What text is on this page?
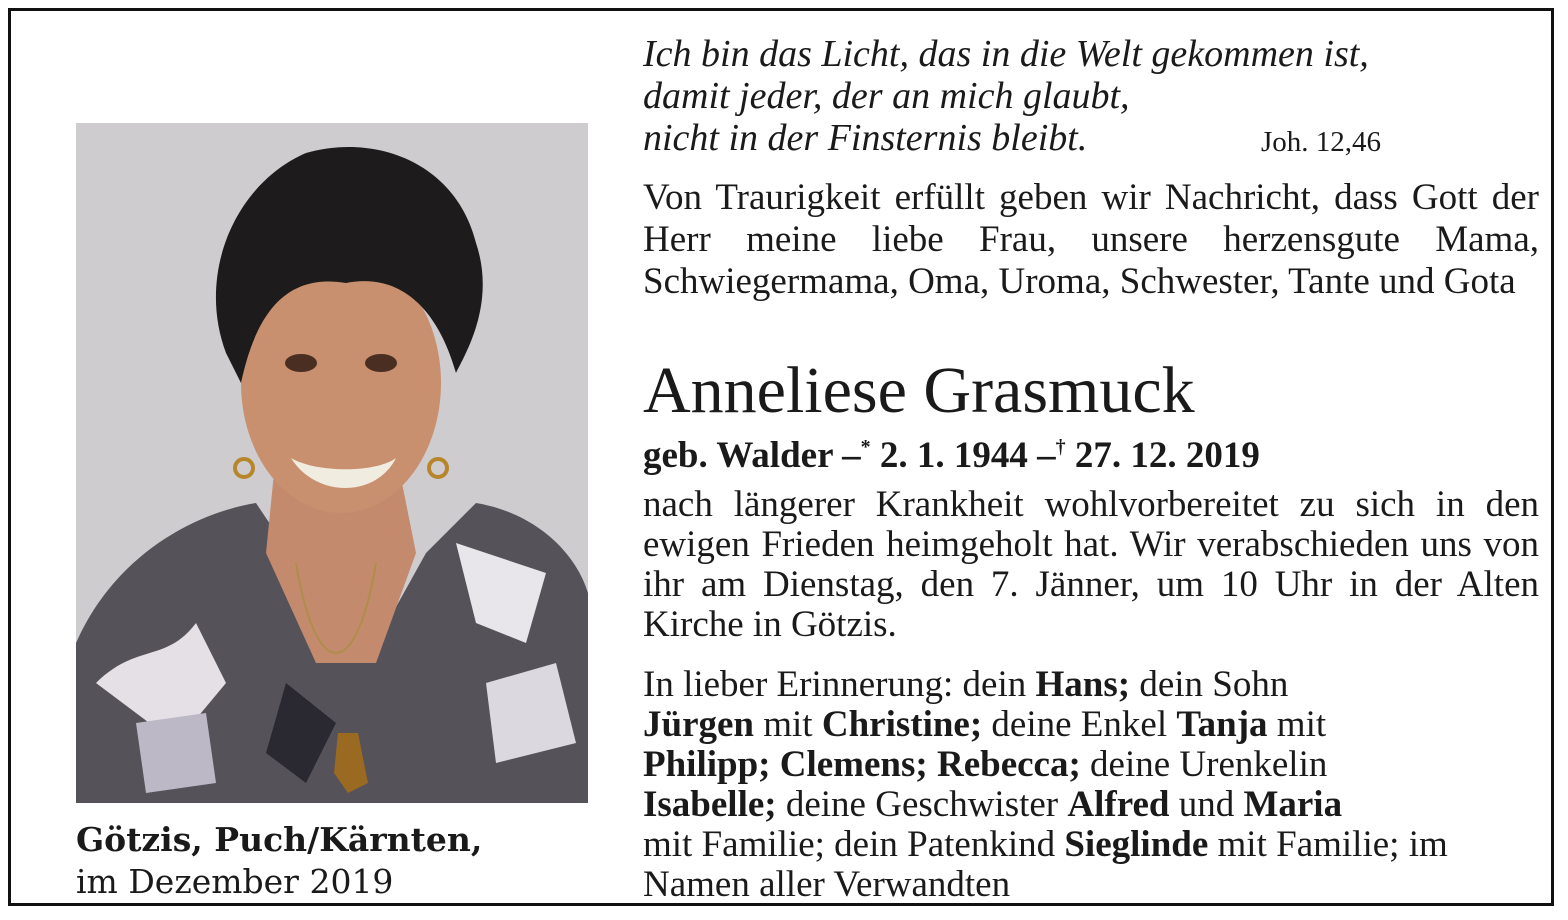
Götzis, Puch/Kärnten,
im Dezember 2019
Ich bin das Licht, das in die Welt gekommen ist,
damit jeder, der an mich glaubt,
nicht in der Finsternis bleibt.	Joh. 12,46
Von Traurigkeit erfüllt geben wir Nachricht, dass Gott der Herr meine liebe Frau, unsere herzensgute Mama, Schwiegermama, Oma, Uroma, Schwester, Tante und Gota
Anneliese Grasmuck
geb. Walder –* 2. 1. 1944 –† 27. 12. 2019
nach längerer Krankheit wohlvorbereitet zu sich in den ewigen Frieden heimgeholt hat. Wir verabschieden uns von ihr am Dienstag, den 7. Jänner, um 10 Uhr in der Alten Kirche in Götzis.
In lieber Erinnerung: dein Hans; dein Sohn
Jürgen mit Christine; deine Enkel Tanja mit
Philipp; Clemens; Rebecca; deine Urenkelin
Isabelle; deine Geschwister Alfred und Maria
mit Familie; dein Patenkind Sieglinde mit Familie; im Namen aller Verwandten
